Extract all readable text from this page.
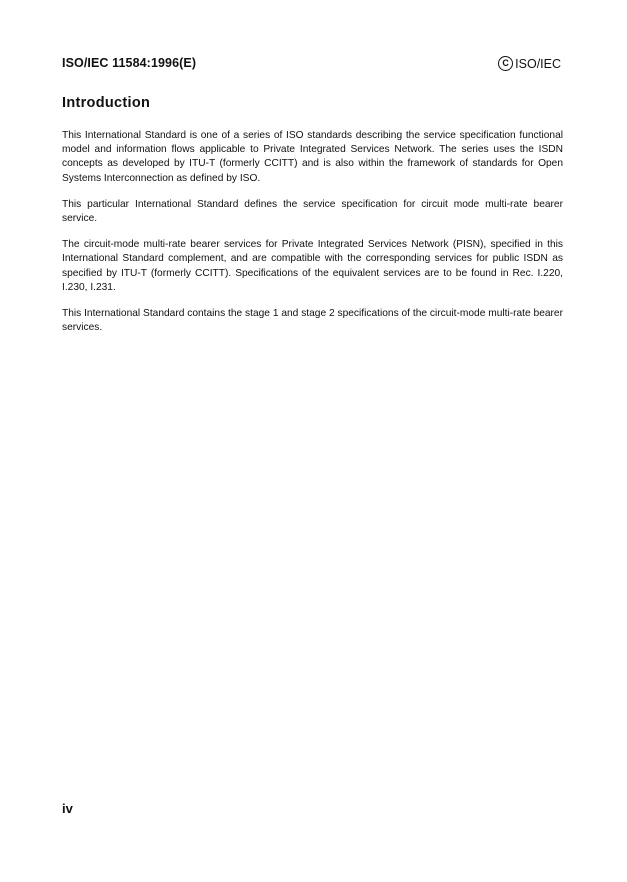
ISO/IEC 11584:1996(E)	C ISO/IEC
Introduction

This International Standard is one of a series of ISO standards describing the service specification functional model and information flows applicable to Private Integrated Services Network. The series uses the ISDN concepts as developed by ITU-T (formerly CCITT) and is also within the framework of standards for Open Systems Interconnection as defined by ISO.

This particular International Standard defines the service specification for circuit mode multi-rate bearer service.

The circuit-mode multi-rate bearer services for Private Integrated Services Network (PISN), specified in this International Standard complement, and are compatible with the corresponding services for public ISDN as specified by ITU-T (formerly CCITT). Specifications of the equivalent services are to be found in Rec. I.220, I.230, I.231.

This International Standard contains the stage 1 and stage 2 specifications of the circuit-mode multi-rate bearer services.

iv
